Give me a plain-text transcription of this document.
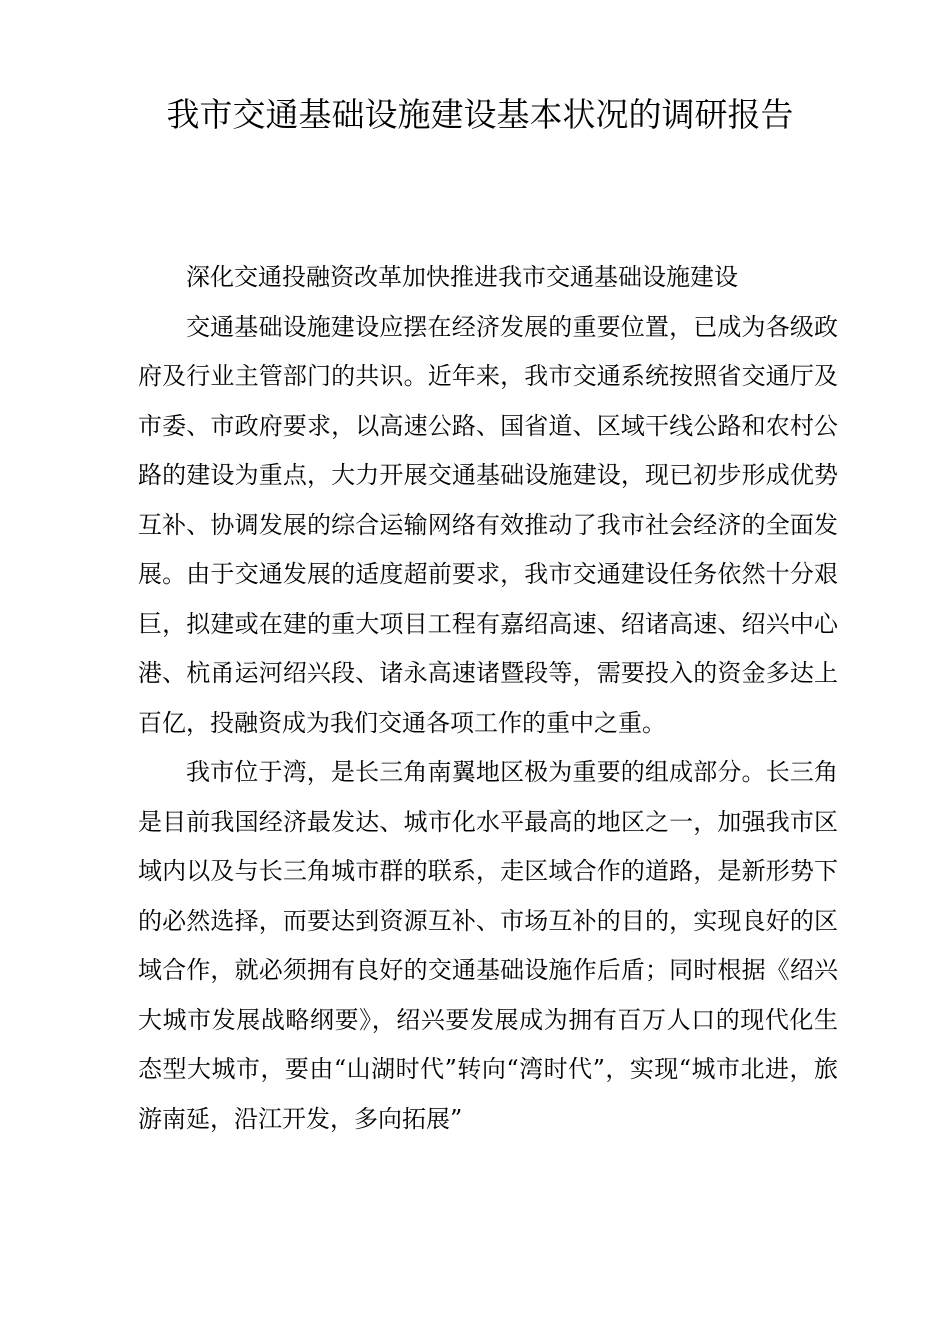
我市交通基础设施建设基本状况的调研报告

深化交通投融资改革加快推进我市交通基础设施建设

交通基础设施建设应摆在经济发展的重要位置，已成为各级政府及行业主管部门的共识。近年来，我市交通系统按照省交通厅及市委、市政府要求，以高速公路、国省道、区域干线公路和农村公路的建设为重点，大力开展交通基础设施建设，现已初步形成优势互补、协调发展的综合运输网络有效推动了我市社会经济的全面发展。由于交通发展的适度超前要求，我市交通建设任务依然十分艰巨，拟建或在建的重大项目工程有嘉绍高速、绍诸高速、绍兴中心港、杭甬运河绍兴段、诸永高速诸暨段等，需要投入的资金多达上百亿，投融资成为我们交通各项工作的重中之重。

我市位于湾，是长三角南翼地区极为重要的组成部分。长三角是目前我国经济最发达、城市化水平最高的地区之一，加强我市区域内以及与长三角城市群的联系，走区域合作的道路，是新形势下的必然选择，而要达到资源互补、市场互补的目的，实现良好的区域合作，就必须拥有良好的交通基础设施作后盾；同时根据《绍兴大城市发展战略纲要》，绍兴要发展成为拥有百万人口的现代化生态型大城市，要由“山湖时代”转向“湾时代”，实现“城市北进，旅游南延，沿江开发，多向拓展”
